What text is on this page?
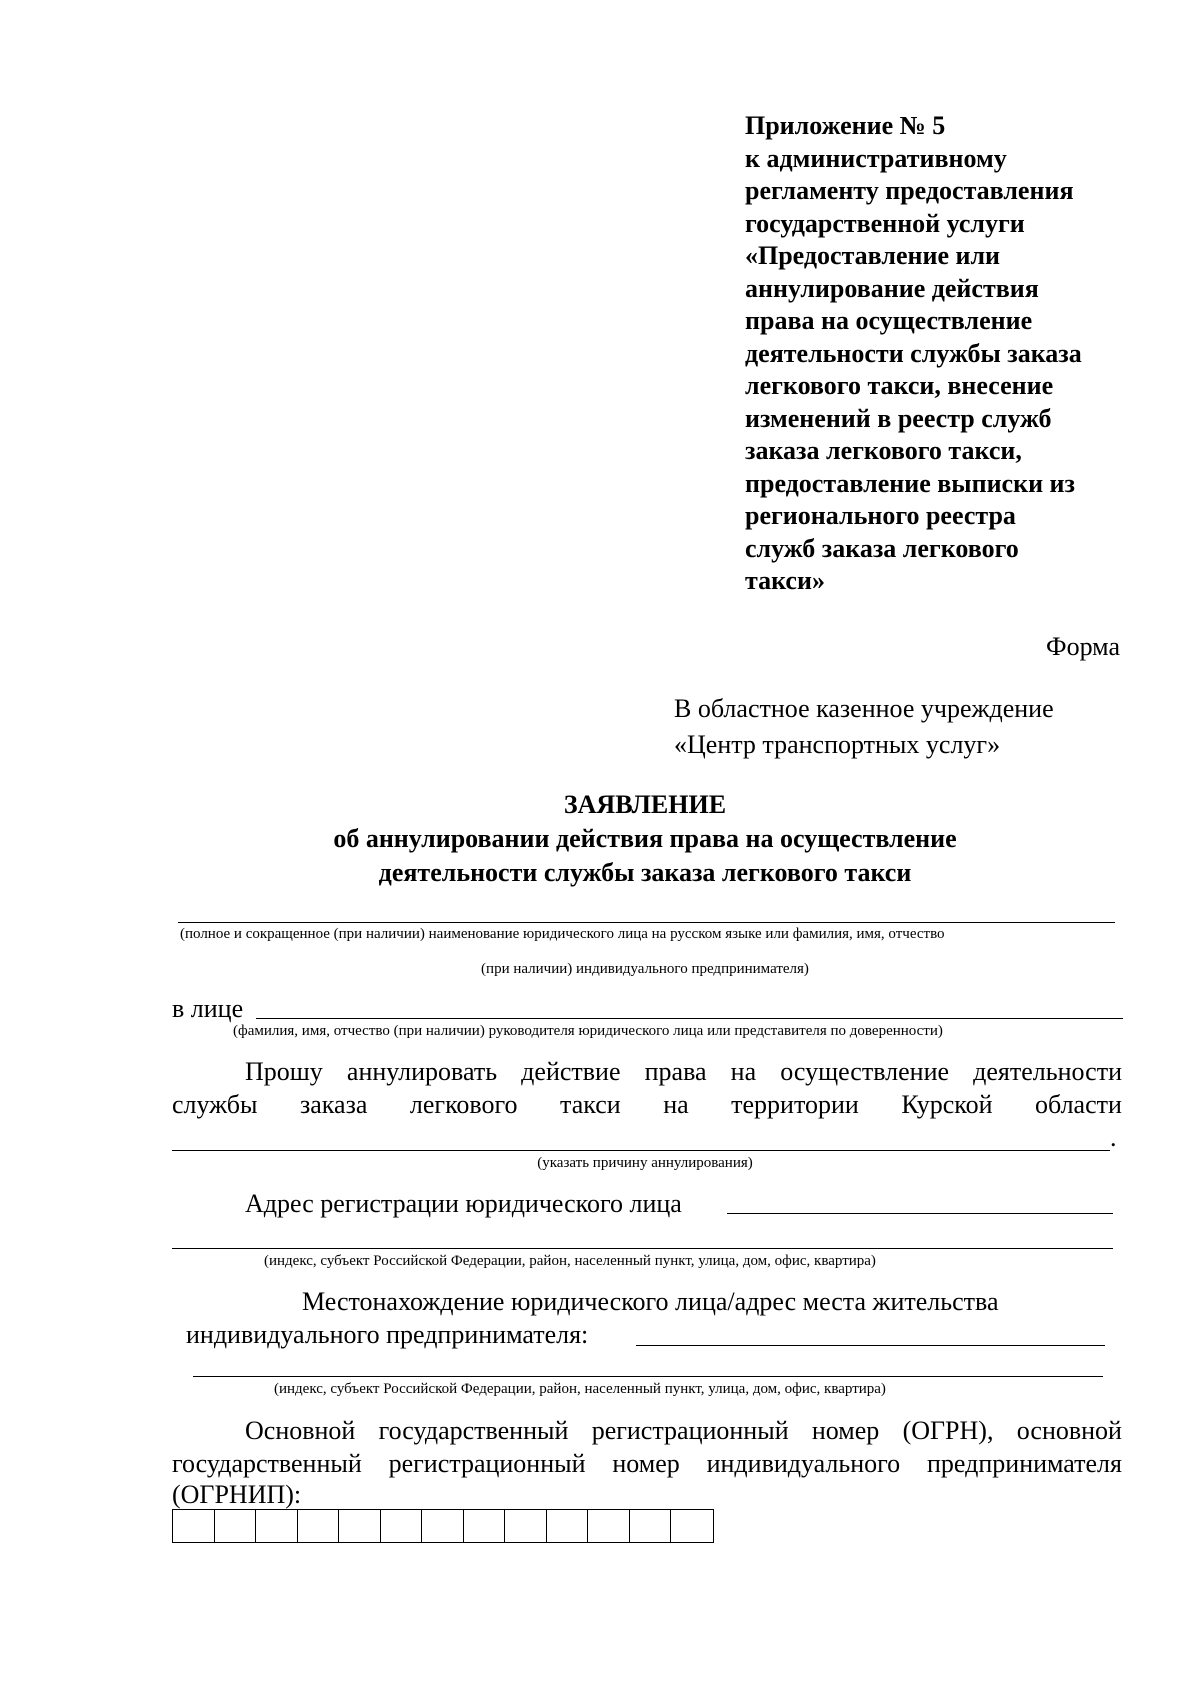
Приложение № 5
к административному
регламенту предоставления
государственной услуги
«Предоставление или
аннулирование действия
права на осуществление
деятельности службы заказа
легкового такси, внесение
изменений в реестр служб
заказа легкового такси,
предоставление выписки из
регионального реестра
служб заказа легкового
такси»
Форма
В областное казенное учреждение
«Центр транспортных услуг»
ЗАЯВЛЕНИЕ
об аннулировании действия права на осуществление
деятельности службы заказа легкового такси
(полное и сокращенное (при наличии) наименование юридического лица на русском языке или фамилия, имя, отчество
(при наличии) индивидуального предпринимателя)
в лице
(фамилия, имя, отчество (при наличии) руководителя юридического лица или представителя по доверенности)
Прошу аннулировать действие права на осуществление деятельности
службы заказа легкового такси на территории Курской области
.
(указать причину аннулирования)
Адрес регистрации юридического лица
(индекс, субъект Российской Федерации, район, населенный пункт, улица, дом, офис, квартира)
Местонахождение юридического лица/адрес места жительства
индивидуального предпринимателя:
(индекс, субъект Российской Федерации, район, населенный пункт, улица, дом, офис, квартира)
Основной государственный регистрационный номер (ОГРН), основной
государственный регистрационный номер индивидуального предпринимателя
(ОГРНИП):
